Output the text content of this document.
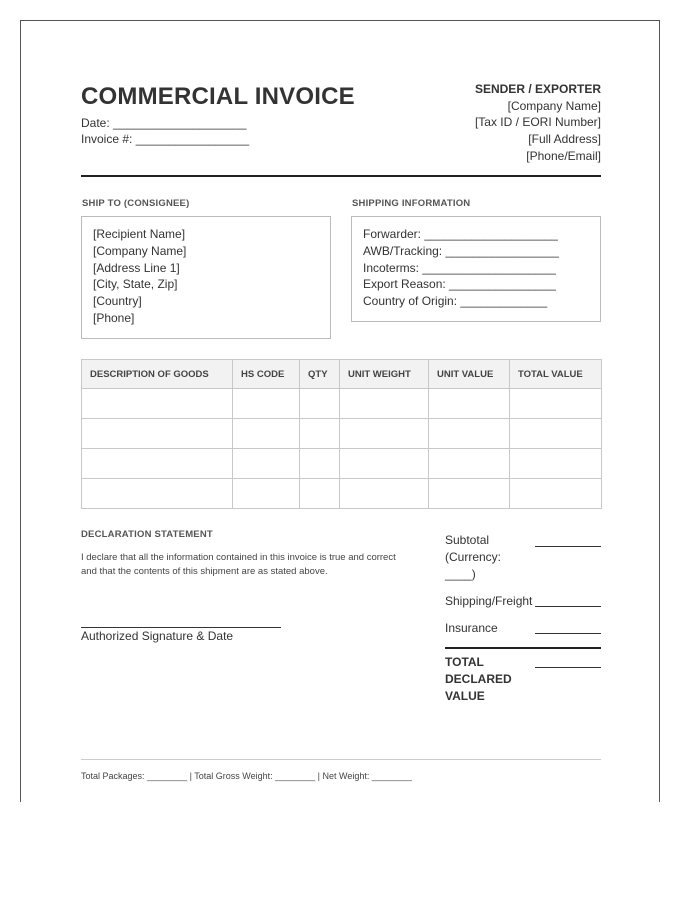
COMMERCIAL INVOICE
Date: ____________________
Invoice #: _________________
SENDER / EXPORTER
[Company Name]
[Tax ID / EORI Number]
[Full Address]
[Phone/Email]
SHIP TO (CONSIGNEE)
[Recipient Name]
[Company Name]
[Address Line 1]
[City, State, Zip]
[Country]
[Phone]
SHIPPING INFORMATION
Forwarder: ____________________
AWB/Tracking: _________________
Incoterms: ____________________
Export Reason: ________________
Country of Origin: _____________
DESCRIPTION OF GOODS	HS CODE	QTY	UNIT WEIGHT	UNIT VALUE	TOTAL VALUE

DECLARATION STATEMENT

I declare that all the information contained in this invoice is true and correct and that the contents of this shipment are as stated above.

Authorized Signature & Date
Subtotal (Currency: ____)
Shipping/Freight
Insurance
TOTAL DECLARED VALUE
Total Packages: ________ | Total Gross Weight: ________ | Net Weight: ________
